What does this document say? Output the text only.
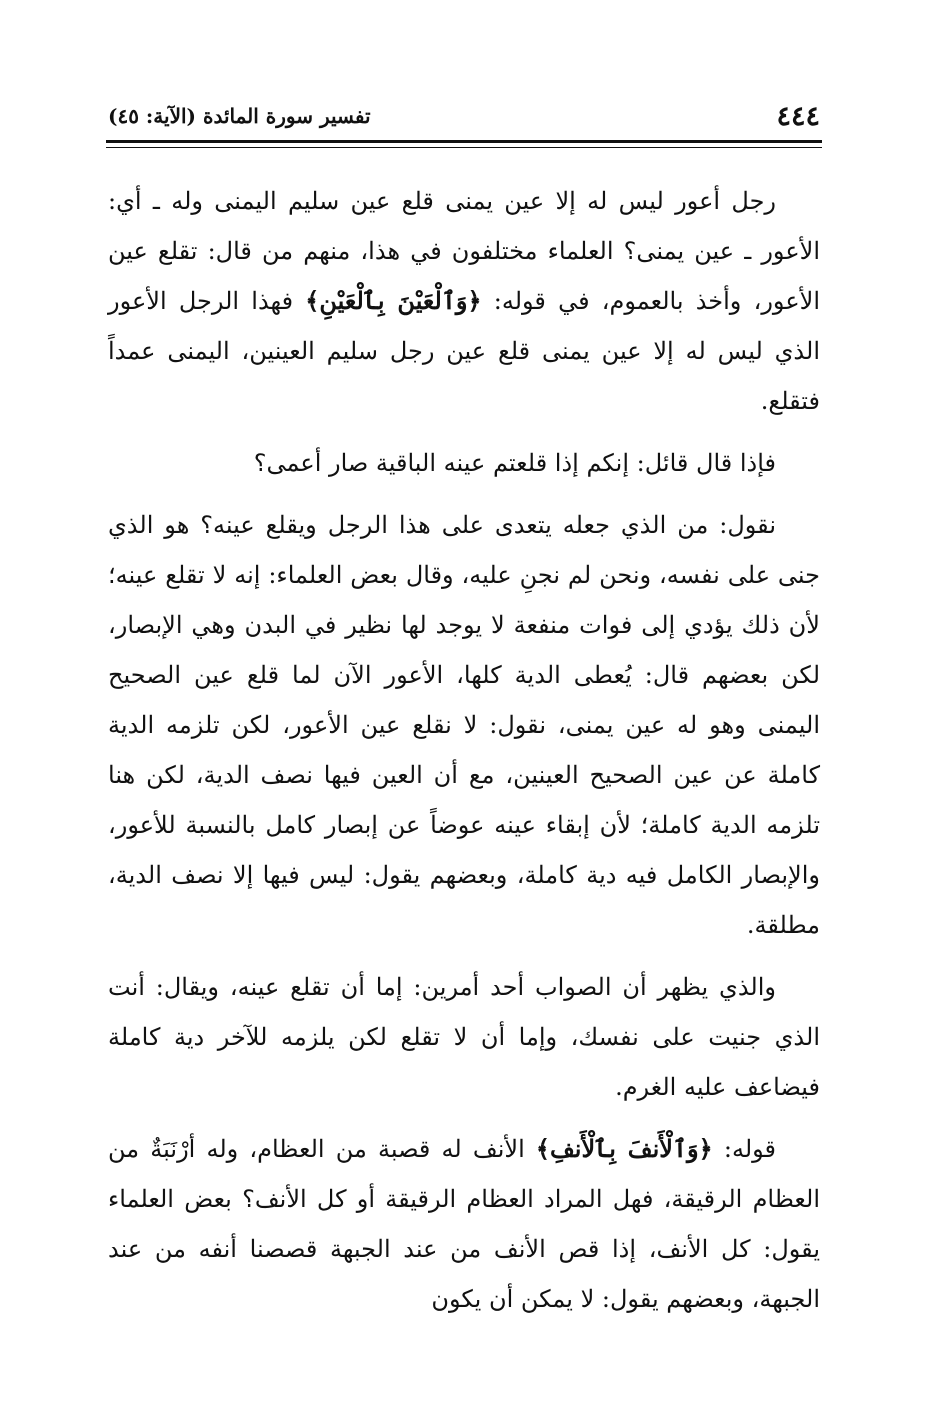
٤٤٤
تفسير سورة المائدة (الآية: ٤٥)

رجل أعور ليس له إلا عين يمنى قلع عين سليم اليمنى وله ـ أي: الأعور ـ عين يمنى؟ العلماء مختلفون في هذا، منهم من قال: تقلع عين الأعور، وأخذ بالعموم، في قوله: ﴿وَٱلْعَيْنَ بِٱلْعَيْنِ﴾ فهذا الرجل الأعور الذي ليس له إلا عين يمنى قلع عين رجل سليم العينين، اليمنى عمداً فتقلع.

فإذا قال قائل: إنكم إذا قلعتم عينه الباقية صار أعمى؟

نقول: من الذي جعله يتعدى على هذا الرجل ويقلع عينه؟ هو الذي جنى على نفسه، ونحن لم نجنِ عليه، وقال بعض العلماء: إنه لا تقلع عينه؛ لأن ذلك يؤدي إلى فوات منفعة لا يوجد لها نظير في البدن وهي الإبصار، لكن بعضهم قال: يُعطى الدية كلها، الأعور الآن لما قلع عين الصحيح اليمنى وهو له عين يمنى، نقول: لا نقلع عين الأعور، لكن تلزمه الدية كاملة عن عين الصحيح العينين، مع أن العين فيها نصف الدية، لكن هنا تلزمه الدية كاملة؛ لأن إبقاء عينه عوضاً عن إبصار كامل بالنسبة للأعور، والإبصار الكامل فيه دية كاملة، وبعضهم يقول: ليس فيها إلا نصف الدية، مطلقة.

والذي يظهر أن الصواب أحد أمرين: إما أن تقلع عينه، ويقال: أنت الذي جنيت على نفسك، وإما أن لا تقلع لكن يلزمه للآخر دية كاملة فيضاعف عليه الغرم.

قوله: ﴿وَٱلْأَنفَ بِٱلْأَنفِ﴾ الأنف له قصبة من العظام، وله أرْنَبَةٌ من العظام الرقيقة، فهل المراد العظام الرقيقة أو كل الأنف؟ بعض العلماء يقول: كل الأنف، إذا قص الأنف من عند الجبهة قصصنا أنفه من عند الجبهة، وبعضهم يقول: لا يمكن أن يكون
